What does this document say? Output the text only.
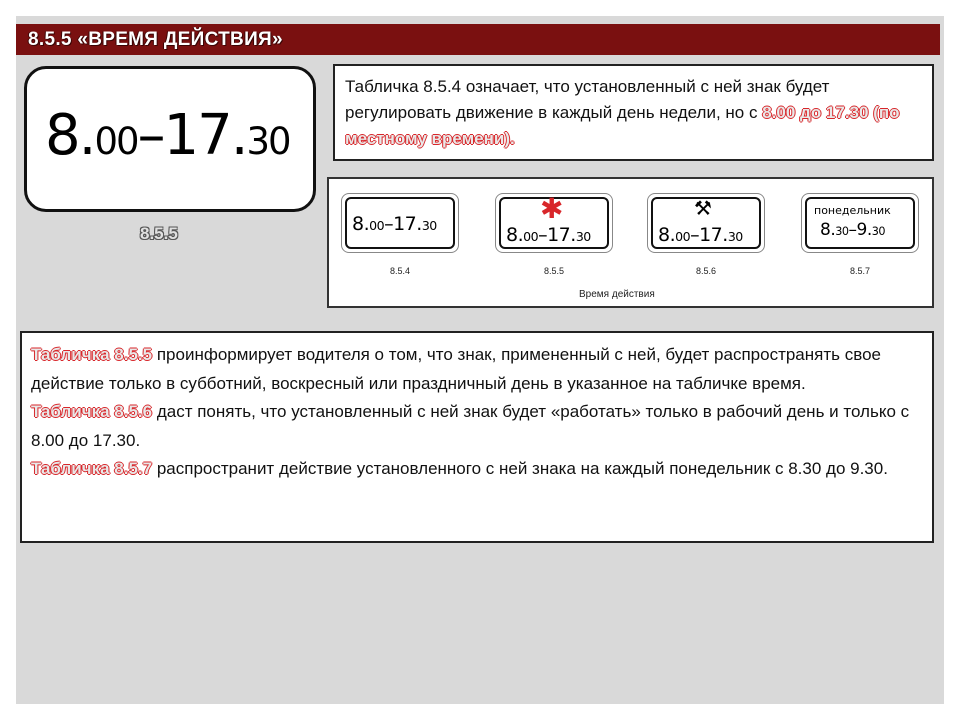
8.5.5 «ВРЕМЯ ДЕЙСТВИЯ»
8.00–17.30
8.5.5
Табличка 8.5.4 означает, что установленный с ней знак будет регулировать движение в каждый день недели, но с 8.00 до 17.30 (по местному времени).
8.00–17.30
8.5.4
✱
8.00–17.30
8.5.5
⚒
8.00–17.30
8.5.6
понедельник
8.30–9.30
8.5.7
Время действия
Табличка 8.5.5 проинформирует водителя о том, что знак, примененный с ней, будет распространять свое действие только в субботний, воскресный или праздничный день в указанное на табличке время.
Табличка 8.5.6 даст понять, что установленный с ней знак будет «работать» только в рабочий день и только с 8.00 до 17.30.
Табличка 8.5.7 распространит действие установленного с ней знака на каждый понедельник с 8.30 до 9.30.
